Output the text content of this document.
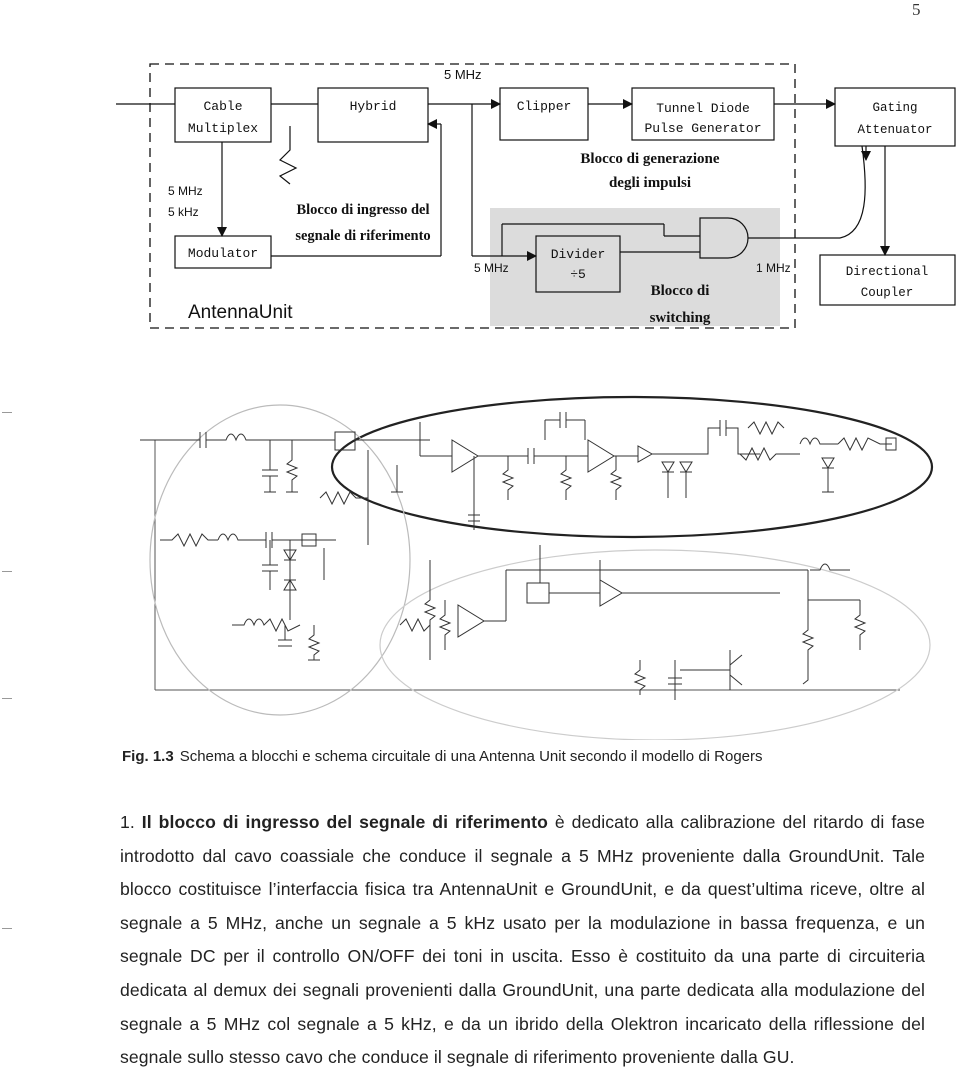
5
5 MHz
Cable
Multiplex
Hybrid	Clipper	Tunnel Diode
Pulse Generator
Gating
Attenuator
Blocco di generazione
degli impulsi
5 MHz
5 kHz	Blocco di ingresso del
segnale di riferimento
Modulator	Divider
÷5
5 MHz	1 MHz
Blocco di
switching
Directional
Coupler
AntennaUnit
Fig. 1.3 Schema a blocchi e schema circuitale di una Antenna Unit secondo il modello di Rogers
1. Il blocco di ingresso del segnale di riferimento è dedicato alla calibrazione del ritardo di fase introdotto dal cavo coassiale che conduce il segnale a 5 MHz proveniente dalla GroundUnit. Tale blocco costituisce l’interfaccia fisica tra AntennaUnit e GroundUnit, e da quest’ultima riceve, oltre al segnale a 5 MHz, anche un segnale a 5 kHz usato per la modulazione in bassa frequenza, e un segnale DC per il controllo ON/OFF dei toni in uscita. Esso è costituito da una parte di circuiteria dedicata al demux dei segnali provenienti dalla GroundUnit, una parte dedicata alla modulazione del segnale a 5 MHz col segnale a 5 kHz, e da un ibrido della Olektron incaricato della riflessione del segnale sullo stesso cavo che conduce il segnale di riferimento proveniente dalla GU.
